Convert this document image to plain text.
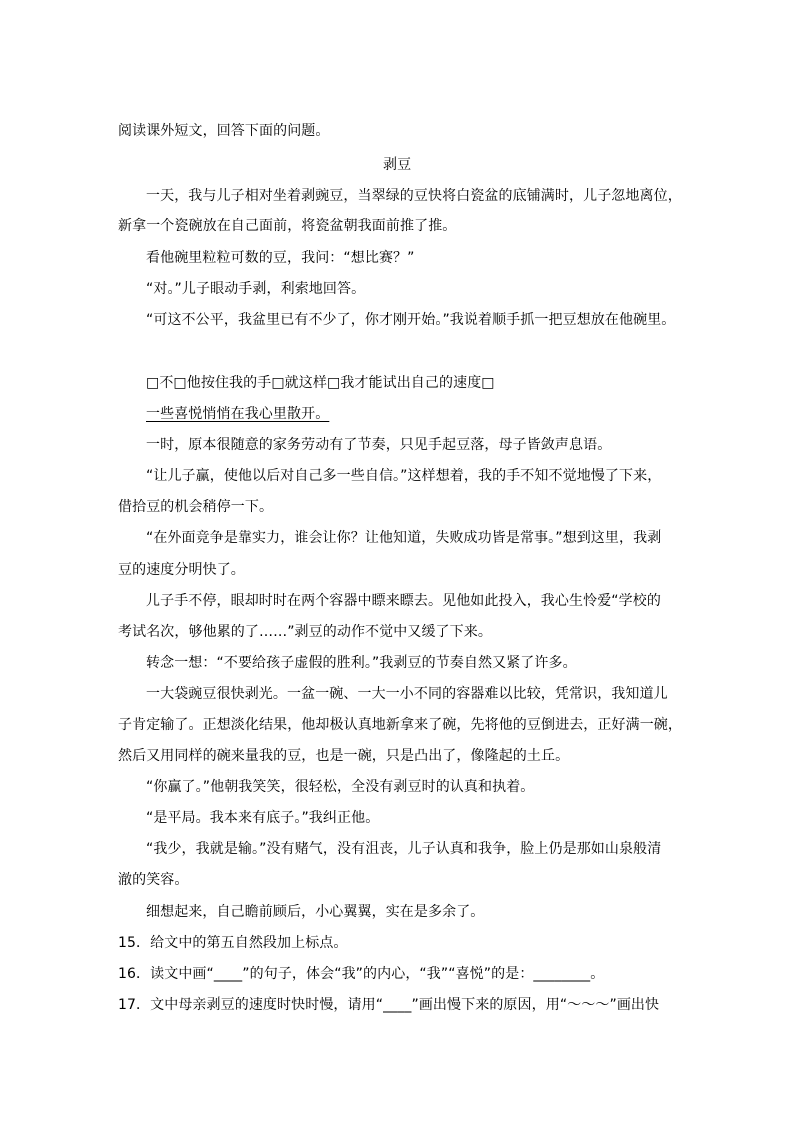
阅读课外短文，回答下面的问题。
剥豆
一天，我与儿子相对坐着剥豌豆，当翠绿的豆快将白瓷盆的底铺满时，儿子忽地离位，
新拿一个瓷碗放在自己面前，将瓷盆朝我面前推了推。
看他碗里粒粒可数的豆，我问：“想比赛？”
“对。”儿子眼动手剥，利索地回答。
“可这不公平，我盆里已有不少了，你才刚开始。”我说着顺手抓一把豆想放在他碗里。
□不□他按住我的手□就这样□我才能试出自己的速度□
一些喜悦悄悄在我心里散开。
一时，原本很随意的家务劳动有了节奏，只见手起豆落，母子皆敛声息语。
“让儿子赢，使他以后对自己多一些自信。”这样想着，我的手不知不觉地慢了下来，
借拾豆的机会稍停一下。
“在外面竞争是靠实力，谁会让你？让他知道，失败成功皆是常事。”想到这里，我剥
豆的速度分明快了。
儿子手不停，眼却时时在两个容器中瞟来瞟去。见他如此投入，我心生怜爱“学校的
考试名次，够他累的了……”剥豆的动作不觉中又缓了下来。
转念一想：“不要给孩子虚假的胜利。”我剥豆的节奏自然又紧了许多。
一大袋豌豆很快剥光。一盆一碗、一大一小不同的容器难以比较，凭常识，我知道儿
子肯定输了。正想淡化结果，他却极认真地新拿来了碗，先将他的豆倒进去，正好满一碗，
然后又用同样的碗来量我的豆，也是一碗，只是凸出了，像隆起的土丘。
“你赢了。”他朝我笑笑，很轻松，全没有剥豆时的认真和执着。
“是平局。我本来有底子。”我纠正他。
“我少，我就是输。”没有赌气，没有沮丧，儿子认真和我争，脸上仍是那如山泉般清
澈的笑容。
细想起来，自己瞻前顾后，小心翼翼，实在是多余了。
15．给文中的第五自然段加上标点。
16．读文中画“____”的句子，体会“我”的内心，“我”“喜悦”的是：________。
17．文中母亲剥豆的速度时快时慢，请用“____”画出慢下来的原因，用“～～～”画出快
